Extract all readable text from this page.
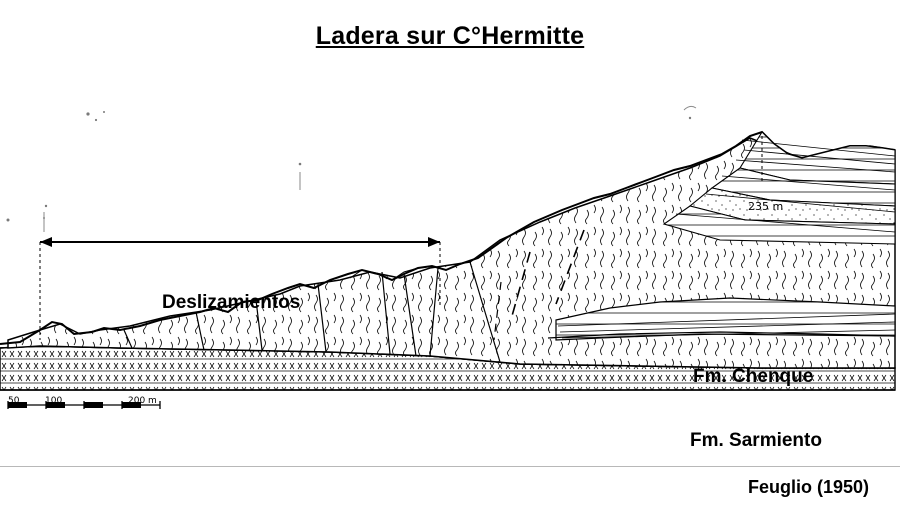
Ladera sur C°Hermitte
50	100	200 m
235 m
Deslizamientos
Fm. Chenque
Fm. Sarmiento
Feuglio (1950)
